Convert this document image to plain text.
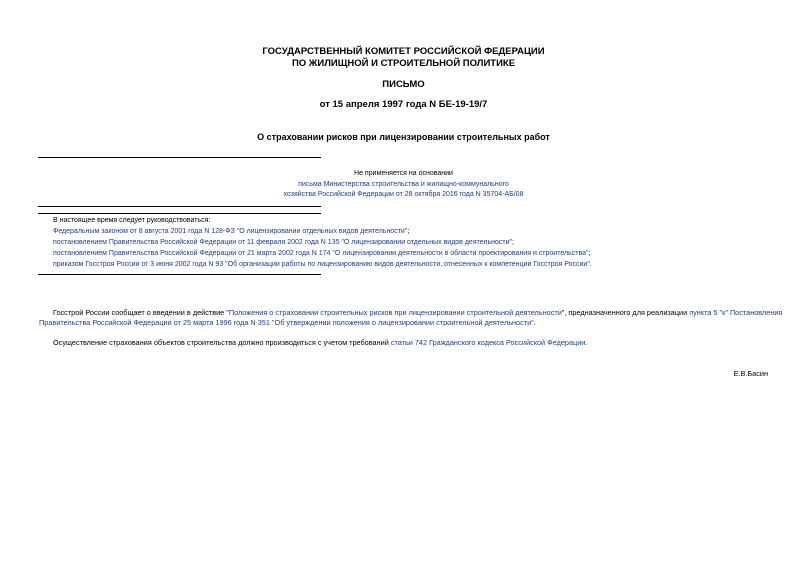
ГОСУДАРСТВЕННЫЙ КОМИТЕТ РОССИЙСКОЙ ФЕДЕРАЦИИ
ПО ЖИЛИЩНОЙ И СТРОИТЕЛЬНОЙ ПОЛИТИКЕ
ПИСЬМО
от 15 апреля 1997 года N БЕ-19-19/7
О страховании рисков при лицензировании строительных работ
Не применяется на основании
письма Министерства строительства и жилищно-коммунального
хозяйства Российской Федерации от 28 октября 2016 года N 35704-АБ/08
В настоящее время следует руководствоваться:
Федеральным законом от 8 августа 2001 года N 128-ФЗ "О лицензировании отдельных видов деятельности";
постановлением Правительства Российской Федерации от 11 февраля 2002 года N 135 "О лицензировании отдельных видов деятельности";
постановлением Правительства Российской Федерации от 21 марта 2002 года N 174 "О лицензировании деятельности в области проектирования и строительства";
приказом Госстроя России от 3 июня 2002 года N 93 "Об организации работы по лицензированию видов деятельности, отнесенных к компетенции Госстроя России".
Госстрой России сообщает о введении в действие "Положения о страховании строительных рисков при лицензировании строительной деятельности", предназначенного для реализации пункта 5 "к" Постановления
Правительства Российской Федерации от 25 марта 1996 года N 351 "Об утверждении положения о лицензировании строительной деятельности".
Осуществление страхования объектов строительства должно производиться с учетом требований статьи 742 Гражданского кодекса Российской Федерации.
Е.В.Басин
